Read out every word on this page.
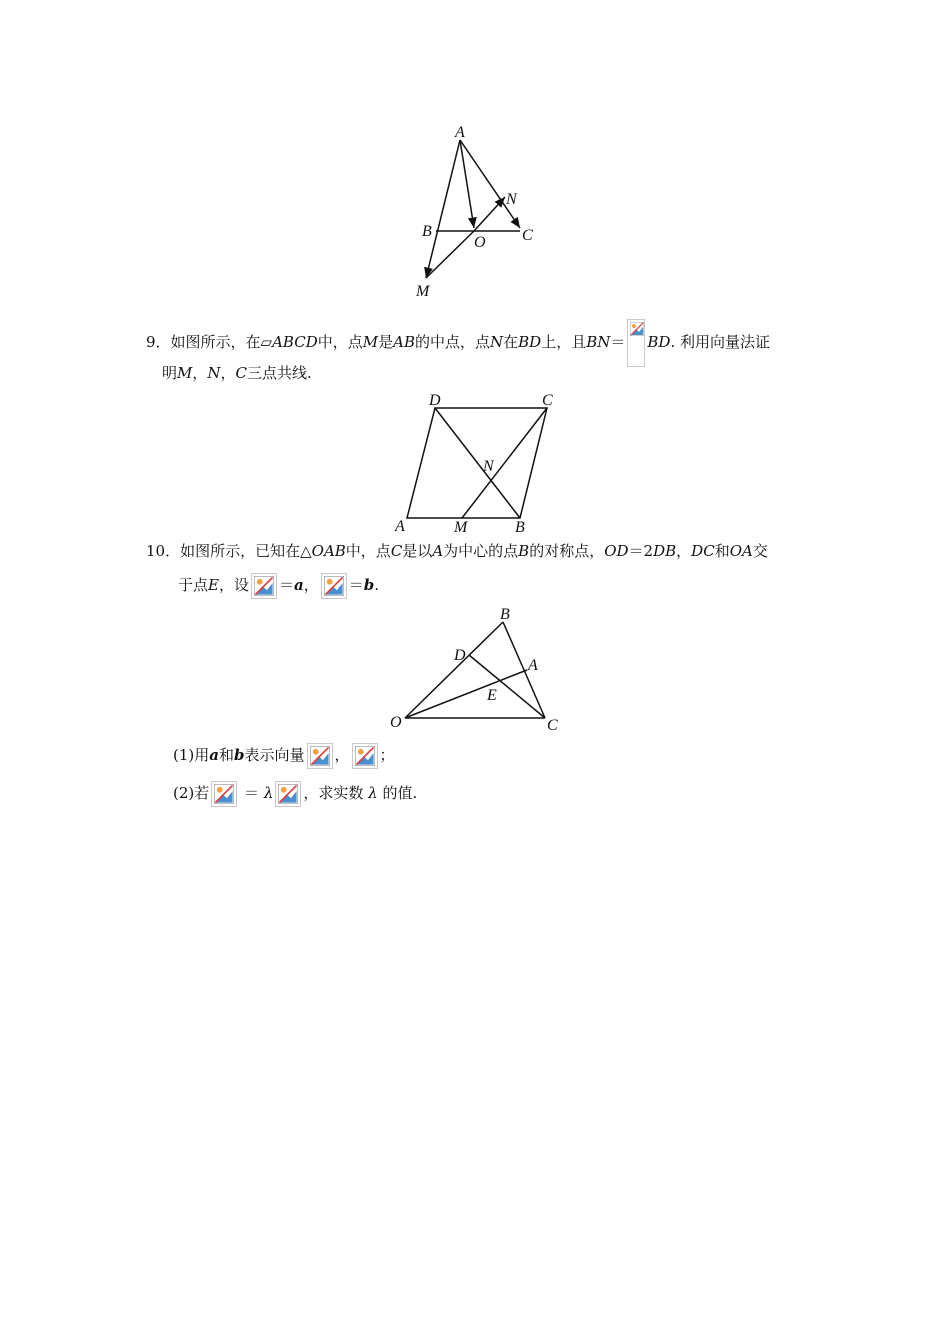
A
N
B
O C
M
9．如图所示，在▱ABCD中，点M是AB的中点，点N在BD上，且BN＝ BD. 利用向量法证
明M，N，C三点共线.
D	C
N
A	M	B
10．如图所示，已知在△OAB中，点C是以A为中心的点B的对称点，OD＝2DB，DC和OA交
于点E，设 ＝a， ＝b.
B
D
A
E
O	C
(1)用a和b表示向量 ， ；
(2)若 ＝ λ ，求实数 λ 的值.
